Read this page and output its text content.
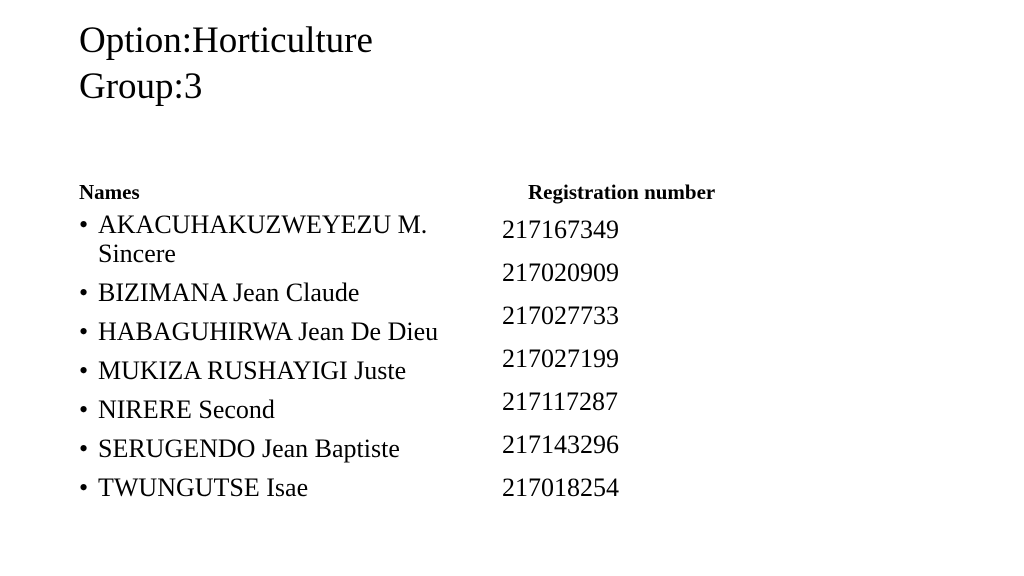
Option:Horticulture
Group:3
Names	Registration number
• AKACUHAKUZWEYEZU M. Sincere
• BIZIMANA Jean Claude
• HABAGUHIRWA Jean De Dieu
• MUKIZA RUSHAYIGI Juste
• NIRERE Second
• SERUGENDO Jean Baptiste
• TWUNGUTSE Isae
217167349
217020909
217027733
217027199
217117287
217143296
217018254
